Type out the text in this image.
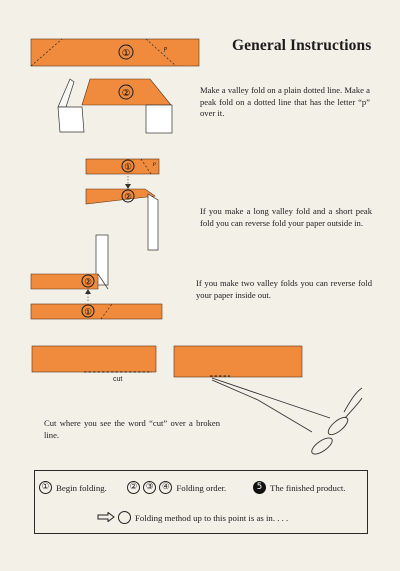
General Instructions
①	p
②
①	p
②
②
①
Make a valley fold on a plain dotted line. Make a peak fold on a dotted line that has the letter “p” over it.
If you make a long valley fold and a short peak fold you can reverse fold your paper outside in.
If you make two valley folds you can reverse fold your paper inside out.
Cut where you see the word “cut” over a broken line.
cut
① Begin folding.	② ③ ④ Folding order.	5 The finished product.
Folding method up to this point is as in. . . .
